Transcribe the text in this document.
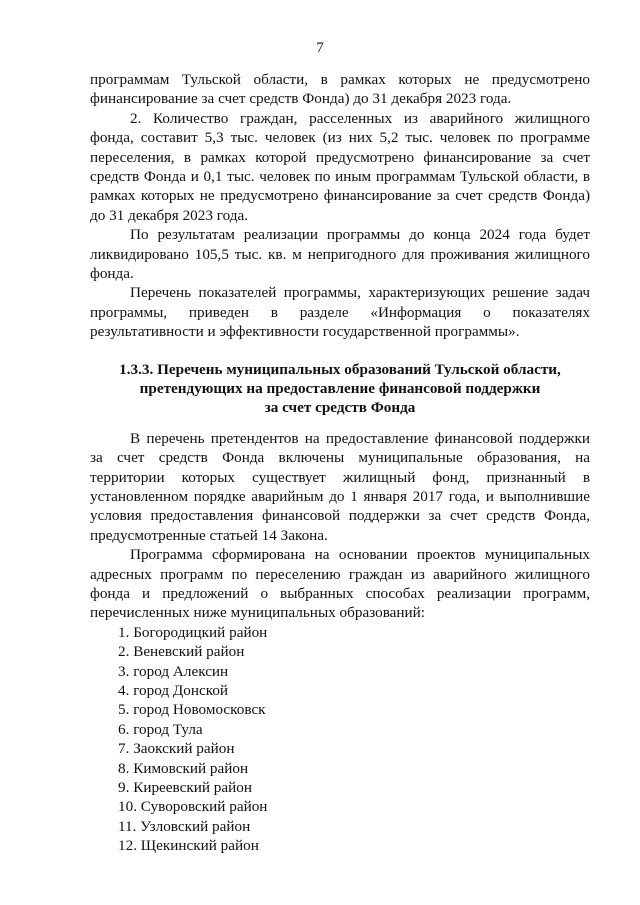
7

программам Тульской области, в рамках которых не предусмотрено финансирование за счет средств Фонда) до 31 декабря 2023 года.

2. Количество граждан, расселенных из аварийного жилищного фонда, составит 5,3 тыс. человек (из них 5,2 тыс. человек по программе переселения, в рамках которой предусмотрено финансирование за счет средств Фонда и 0,1 тыс. человек по иным программам Тульской области, в рамках которых не предусмотрено финансирование за счет средств Фонда) до 31 декабря 2023 года.

По результатам реализации программы до конца 2024 года будет ликвидировано 105,5 тыс. кв. м непригодного для проживания жилищного фонда.

Перечень показателей программы, характеризующих решение задач программы, приведен в разделе «Информация о показателях результативности и эффективности государственной программы».

1.3.3. Перечень муниципальных образований Тульской области,
претендующих на предоставление финансовой поддержки
за счет средств Фонда

В перечень претендентов на предоставление финансовой поддержки за счет средств Фонда включены муниципальные образования, на территории которых существует жилищный фонд, признанный в установленном порядке аварийным до 1 января 2017 года, и выполнившие условия предоставления финансовой поддержки за счет средств Фонда, предусмотренные статьей 14 Закона.

Программа сформирована на основании проектов муниципальных адресных программ по переселению граждан из аварийного жилищного фонда и предложений о выбранных способах реализации программ, перечисленных ниже муниципальных образований:

1. Богородицкий район
2. Веневский район
3. город Алексин
4. город Донской
5. город Новомосковск
6. город Тула
7. Заокский район
8. Кимовский район
9. Киреевский район
10. Суворовский район
11. Узловский район
12. Щекинский район
